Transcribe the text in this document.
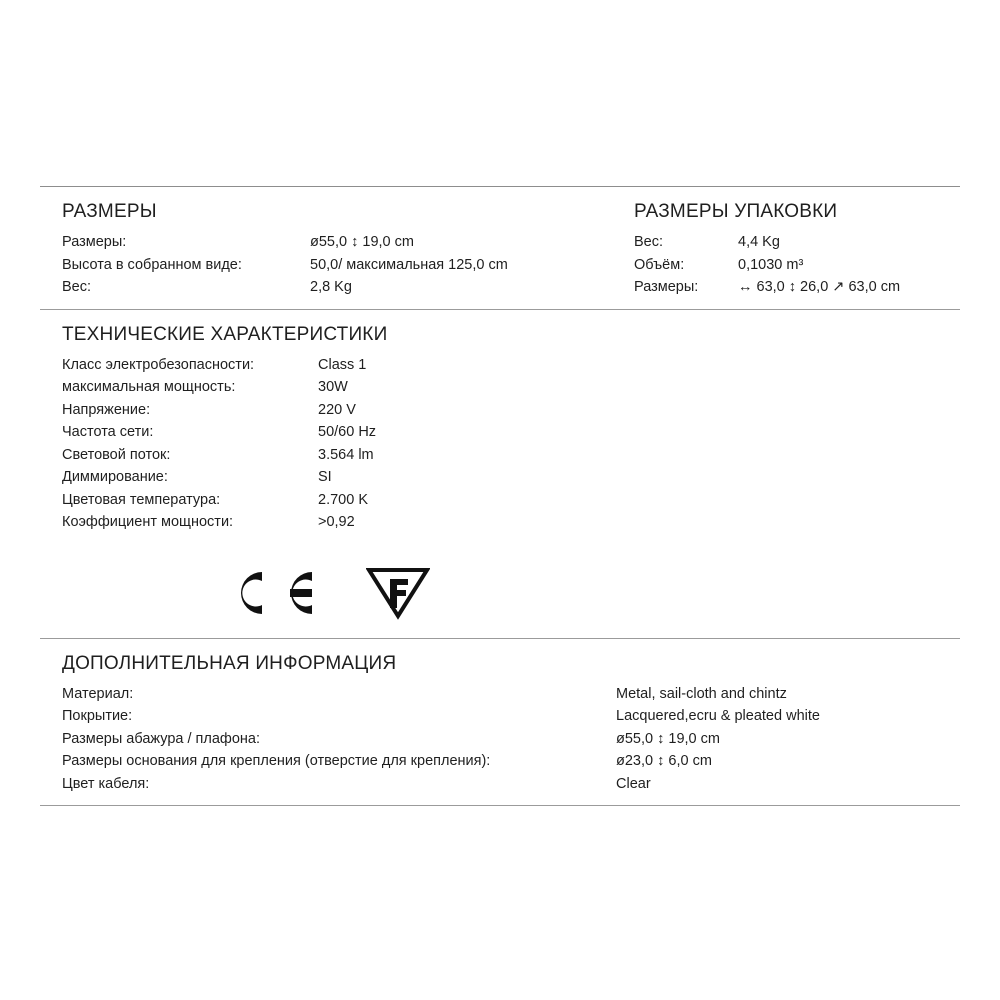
РАЗМЕРЫ
Размеры:	ø55,0 ↕ 19,0 cm
Высота в собранном виде:	50,0/ максимальная 125,0 cm
Вес:	2,8 Kg
РАЗМЕРЫ УПАКОВКИ
Вес:	4,4 Kg
Объём:	0,1030 m³
Размеры:	↔ 63,0 ↕ 26,0 ↗ 63,0 cm
ТЕХНИЧЕСКИЕ ХАРАКТЕРИСТИКИ
Класс электробезопасности:	Class 1
максимальная мощность:	30W
Напряжение:	220 V
Частота сети:	50/60 Hz
Световой поток:	3.564 lm
Диммирование:	SI
Цветовая температура:	2.700 K
Коэффициент мощности:	>0,92
ДОПОЛНИТЕЛЬНАЯ ИНФОРМАЦИЯ
Материал:	Metal, sail-cloth and chintz
Покрытие:	Lacquered,ecru & pleated white
Размеры абажура / плафона:	ø55,0 ↕ 19,0 cm
Размеры основания для крепления (отверстие для крепления):	ø23,0 ↕ 6,0 cm
Цвет кабеля:	Clear
